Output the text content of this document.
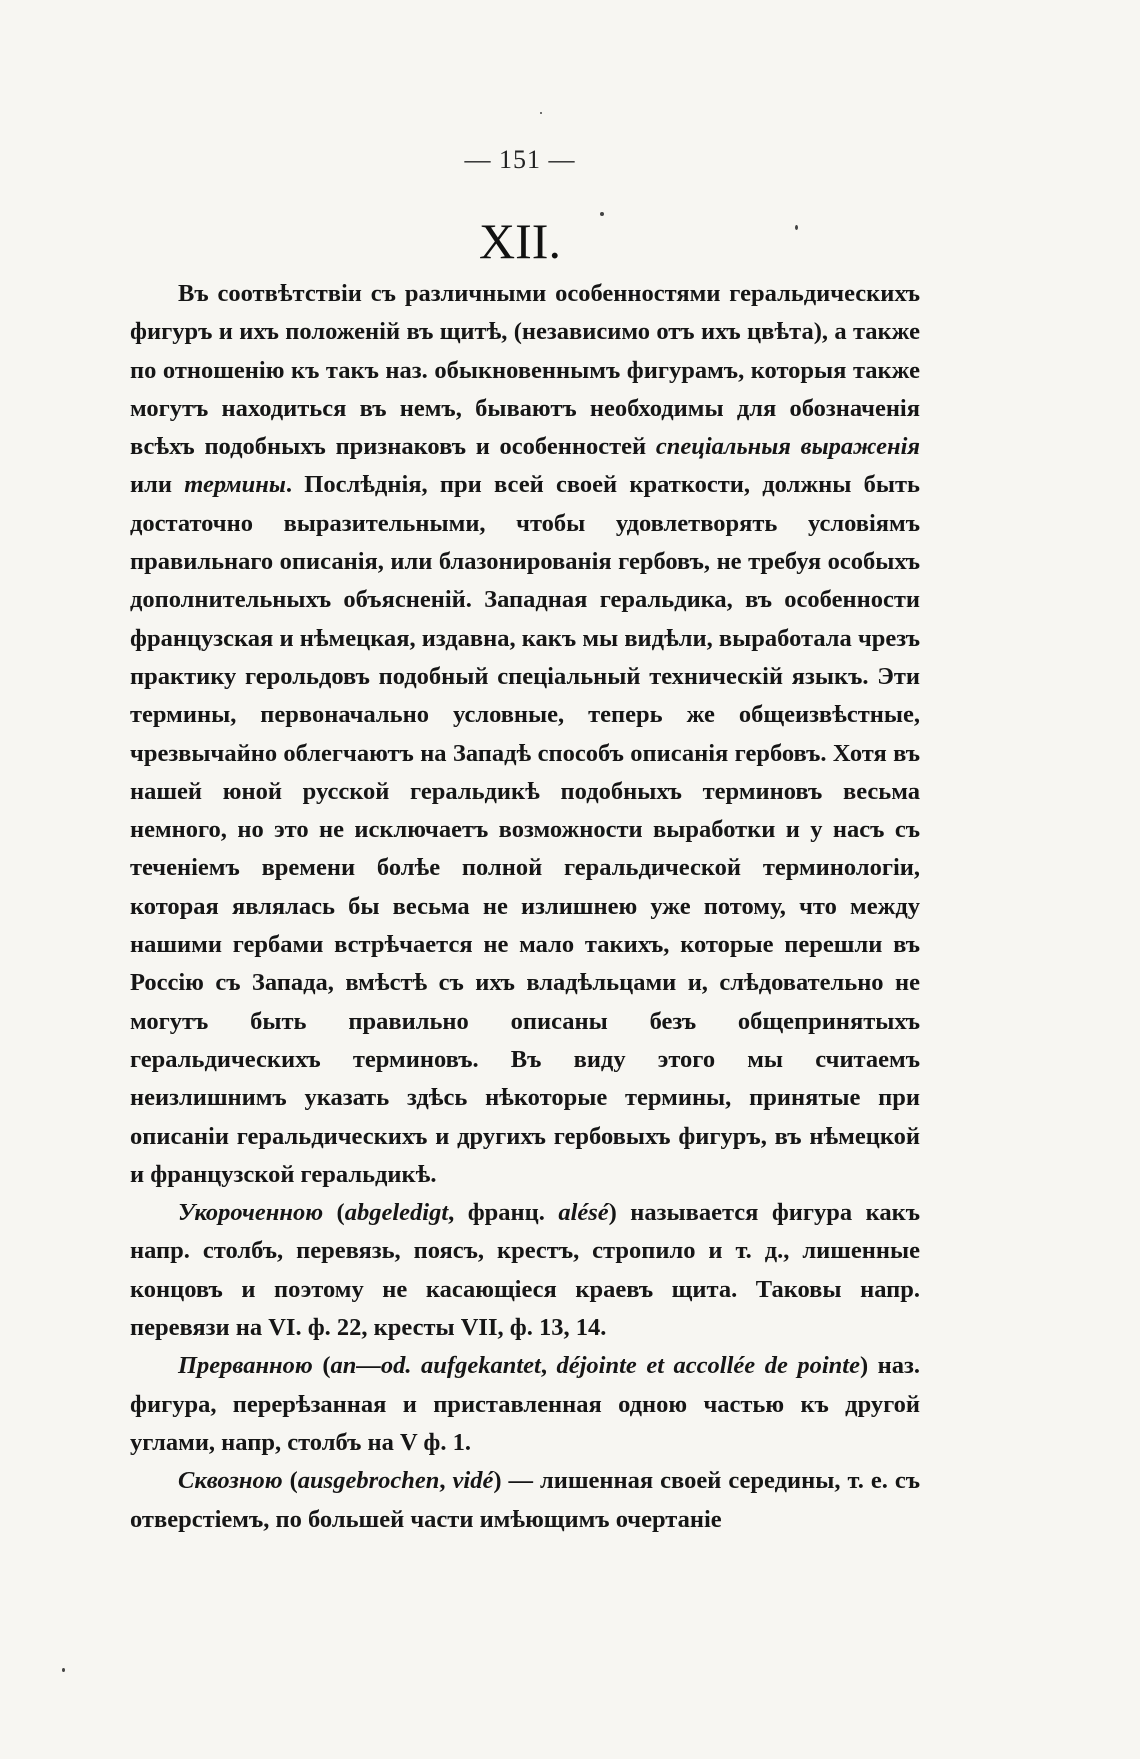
— 151 —
XII.

Въ соотвѣтствіи съ различными особенностями геральдическихъ фигуръ и ихъ положеній въ щитѣ, (независимо отъ ихъ цвѣта), а также по отношенію къ такъ наз. обыкновеннымъ фигурамъ, которыя также могутъ находиться въ немъ, бываютъ необходимы для обозначенія всѣхъ подобныхъ признаковъ и особенностей спеціальныя выраженія или термины. Послѣднія, при всей своей краткости, должны быть достаточно выразительными, чтобы удовлетворять условіямъ правильнаго описанія, или блазонированія гербовъ, не требуя особыхъ дополнительныхъ объясненій. Западная геральдика, въ особенности французская и нѣмецкая, издавна, какъ мы видѣли, выработала чрезъ практику герольдовъ подобный спеціальный техническій языкъ. Эти термины, первоначально условные, теперь же общеизвѣстные, чрезвычайно облегчаютъ на Западѣ способъ описанія гербовъ. Хотя въ нашей юной русской геральдикѣ подобныхъ терминовъ весьма немного, но это не исключаетъ возможности выработки и у насъ съ теченіемъ времени болѣе полной геральдической терминологіи, которая являлась бы весьма не излишнею уже потому, что между нашими гербами встрѣчается не мало такихъ, которые перешли въ Россію съ Запада, вмѣстѣ съ ихъ владѣльцами и, слѣдовательно не могутъ быть правильно описаны безъ общепринятыхъ геральдическихъ терминовъ. Въ виду этого мы считаемъ неизлишнимъ указать здѣсь нѣкоторые термины, принятые при описаніи геральдическихъ и другихъ гербовыхъ фигуръ, въ нѣмецкой и французской геральдикѣ.

Укороченною (abgeledigt, франц. alésé) называется фигура какъ напр. столбъ, перевязь, поясъ, крестъ, стропило и т. д., лишенные концовъ и поэтому не касающіеся краевъ щита. Таковы напр. перевязи на VI. ф. 22, кресты VII, ф. 13, 14.

Прерванною (an—od. aufgekantet, déjointe et accollée de pointe) наз. фигура, перерѣзанная и приставленная одною частью къ другой углами, напр, столбъ на V ф. 1.

Сквозною (ausgebrochen, vidé) — лишенная своей середины, т. е. съ отверстіемъ, по большей части имѣющимъ очертаніе
